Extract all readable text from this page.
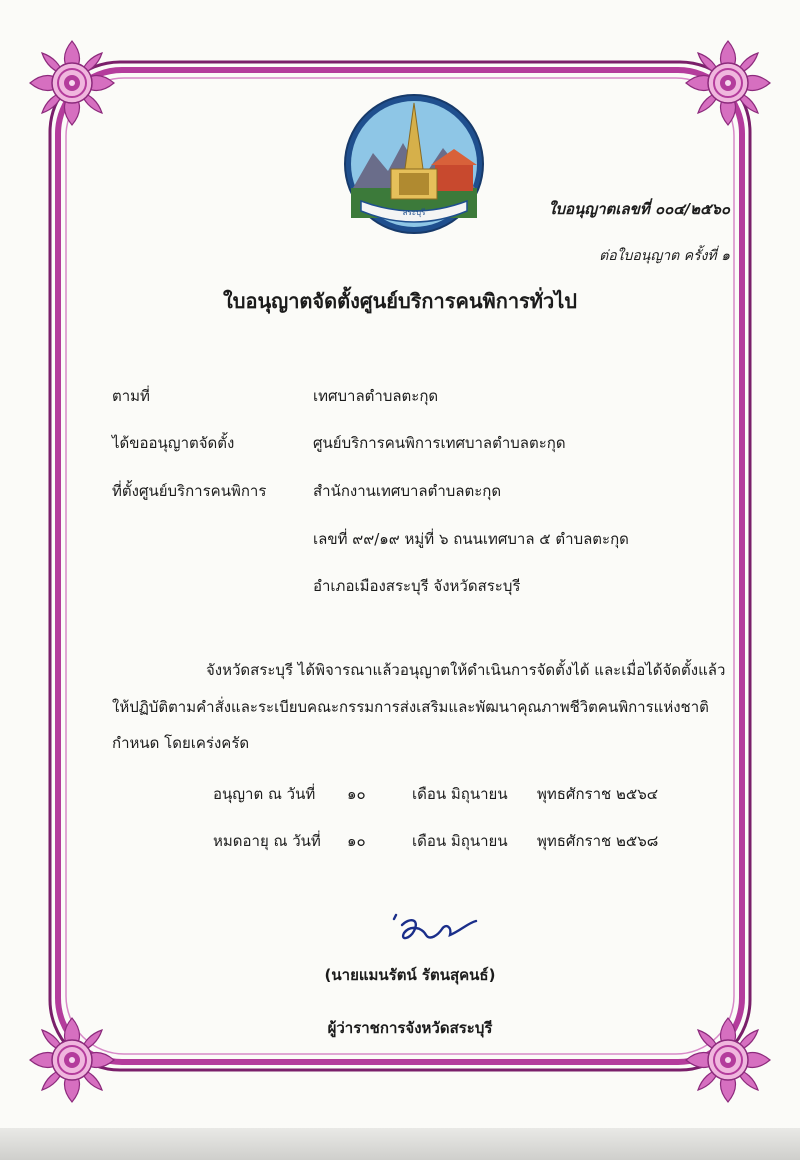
สระบุรี	ใบอนุญาตเลขที่ ๐๐๔/๒๕๖๐
ต่อใบอนุญาต ครั้งที่ ๑
ใบอนุญาตจัดตั้งศูนย์บริการคนพิการทั่วไป
ตามที่	เทศบาลตำบลตะกุด
ได้ขออนุญาตจัดตั้ง	ศูนย์บริการคนพิการเทศบาลตำบลตะกุด
ที่ตั้งศูนย์บริการคนพิการ	สำนักงานเทศบาลตำบลตะกุด
เลขที่ ๙๙/๑๙ หมู่ที่ ๖ ถนนเทศบาล ๕ ตำบลตะกุด
อำเภอเมืองสระบุรี จังหวัดสระบุรี
จังหวัดสระบุรี ได้พิจารณาแล้วอนุญาตให้ดำเนินการจัดตั้งได้ และเมื่อได้จัดตั้งแล้ว
ให้ปฏิบัติตามคำสั่งและระเบียบคณะกรรมการส่งเสริมและพัฒนาคุณภาพชีวิตคนพิการแห่งชาติ
กำหนด โดยเคร่งครัด
อนุญาต ณ วันที่ ๑๐	เดือน มิถุนายน พุทธศักราช ๒๕๖๔
หมดอายุ ณ วันที่ ๑๐	เดือน มิถุนายน พุทธศักราช ๒๕๖๘
(นายแมนรัตน์ รัตนสุคนธ์)
ผู้ว่าราชการจังหวัดสระบุรี
